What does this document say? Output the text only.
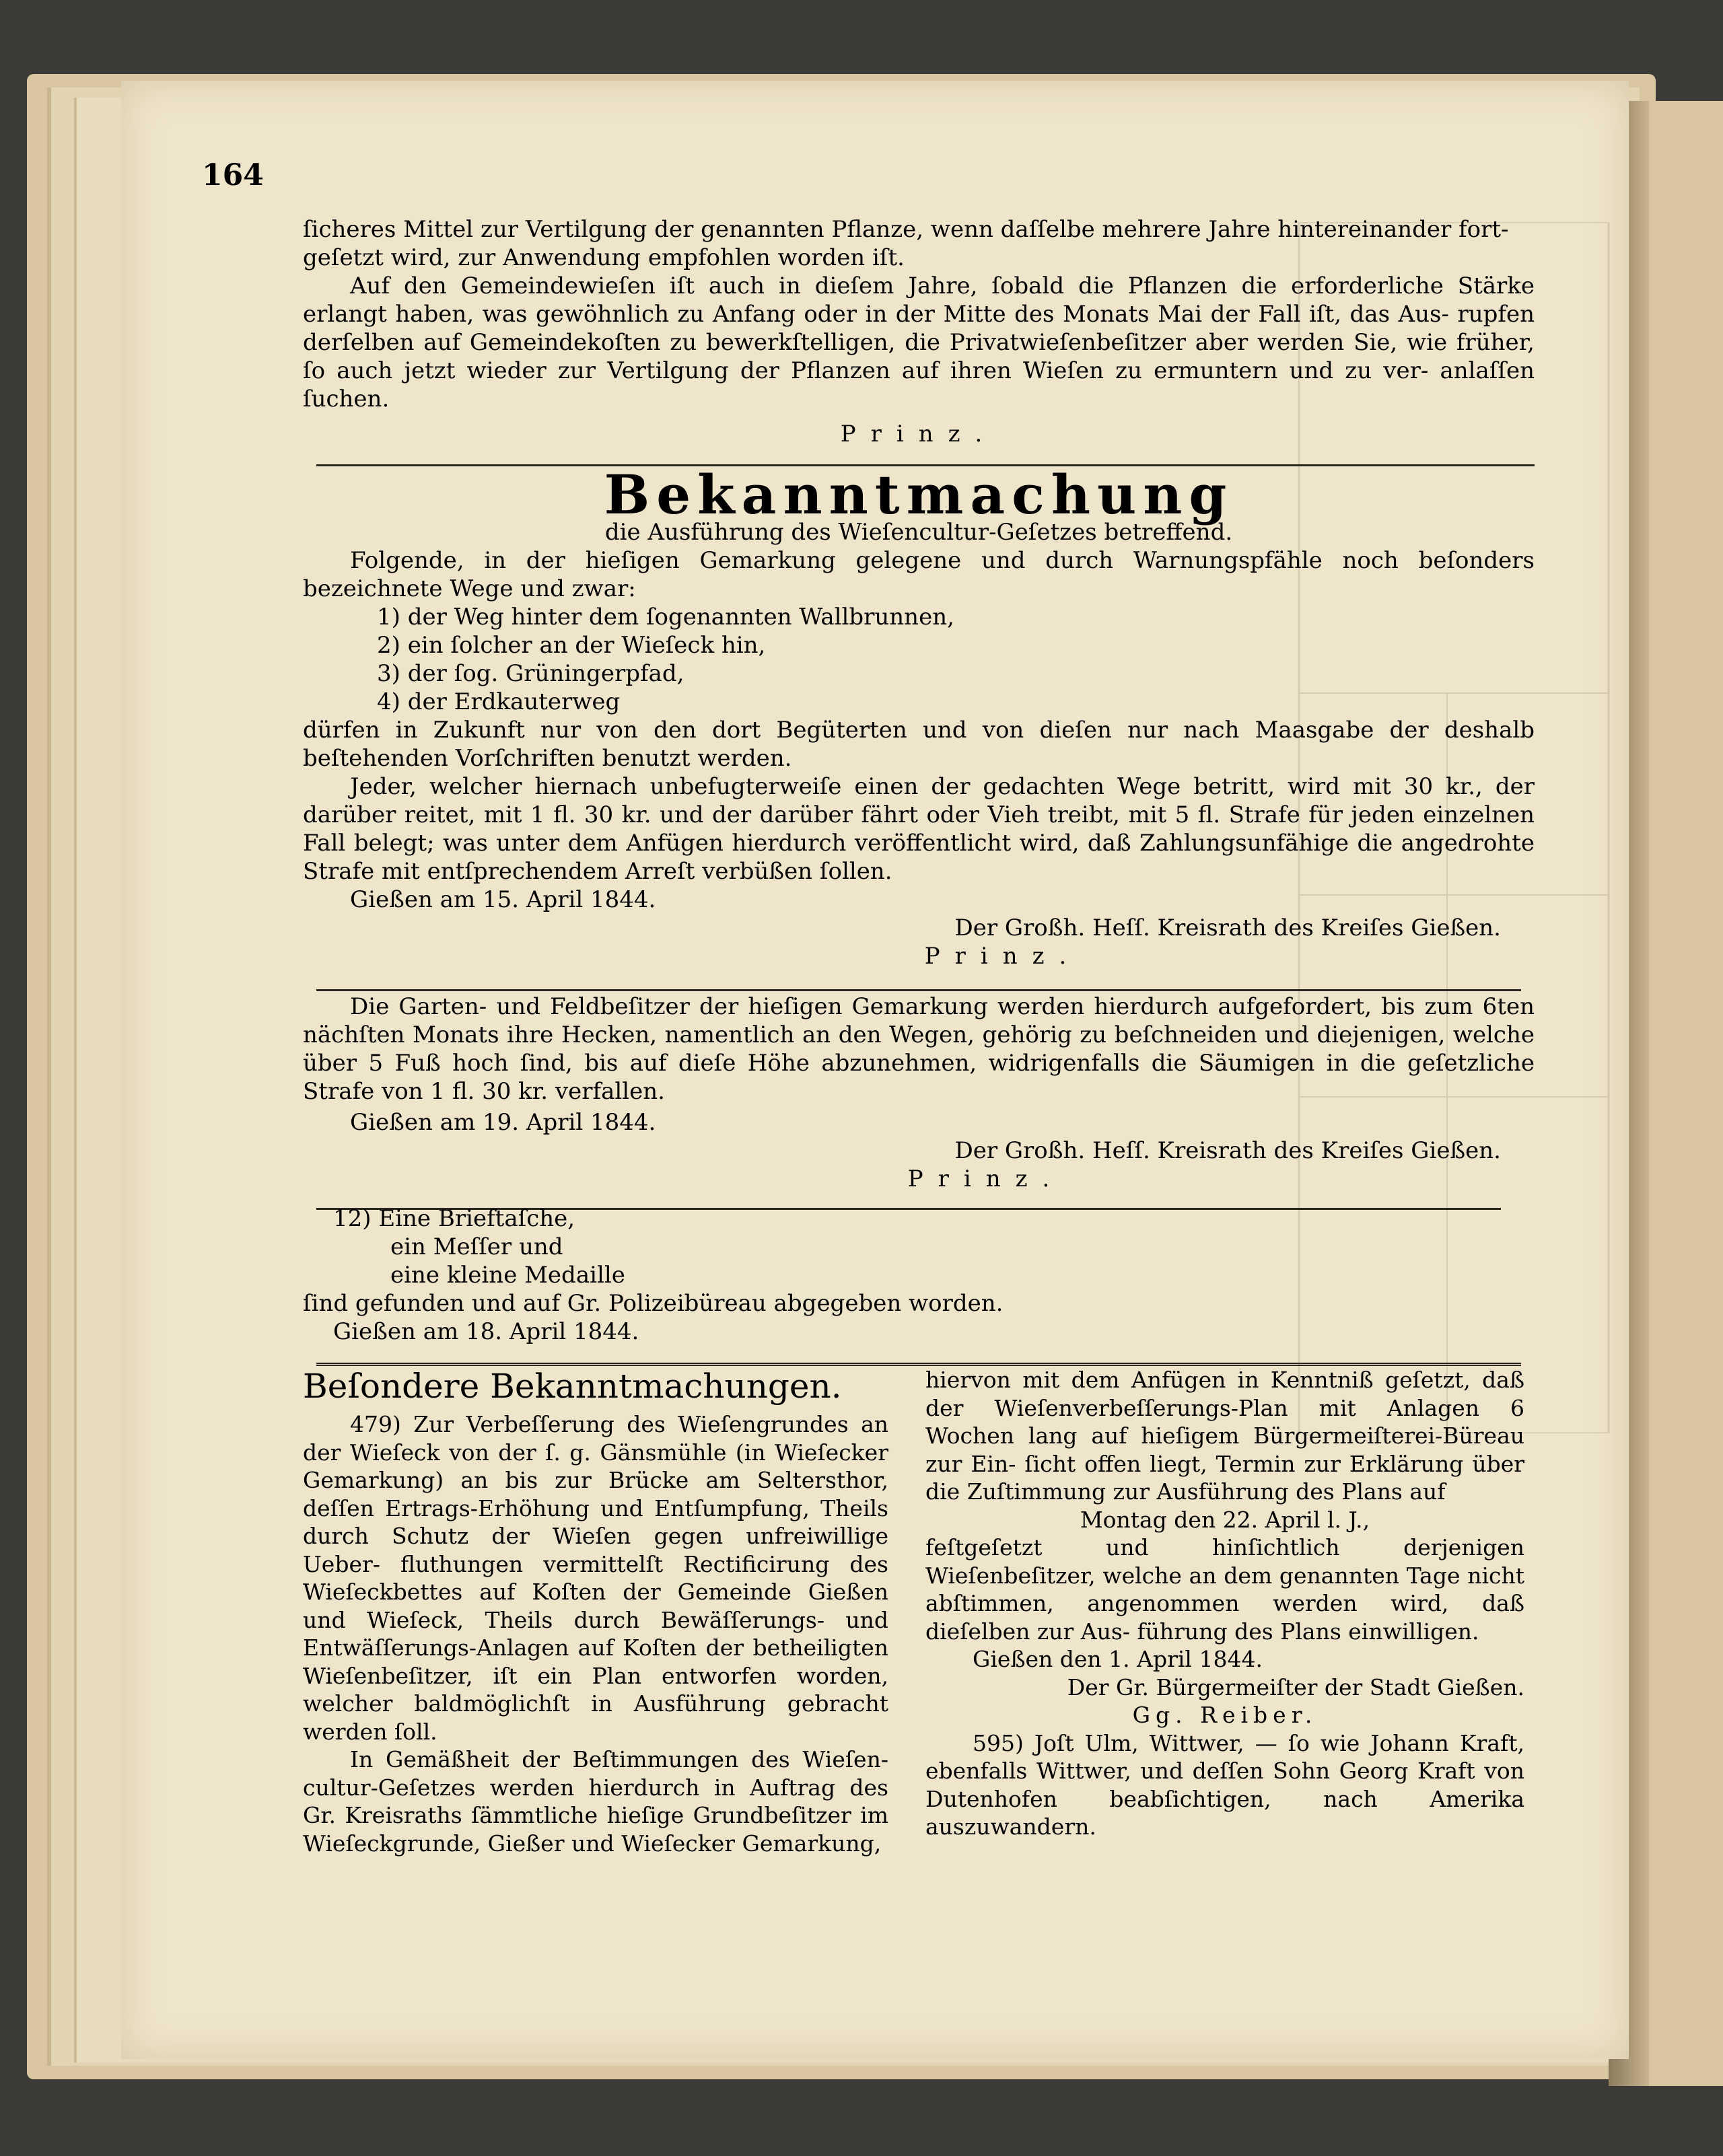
164

ſicheres Mittel zur Vertilgung der genannten Pflanze, wenn daſſelbe mehrere Jahre hintereinander fort-

geſetzt wird, zur Anwendung empfohlen worden iſt.

Auf den Gemeindewieſen iſt auch in dieſem Jahre, ſobald die Pflanzen die erforderliche Stärke erlangt haben, was gewöhnlich zu Anfang oder in der Mitte des Monats Mai der Fall iſt, das Aus- rupfen derſelben auf Gemeindekoſten zu bewerkſtelligen, die Privatwieſenbeſitzer aber werden Sie, wie früher, ſo auch jetzt wieder zur Vertilgung der Pflanzen auf ihren Wieſen zu ermuntern und zu ver- anlaſſen ſuchen.

Prinz.

Bekanntmachung

die Ausführung des Wieſencultur-Geſetzes betreffend.

Folgende, in der hieſigen Gemarkung gelegene und durch Warnungspfähle noch beſonders bezeichnete Wege und zwar:

1) der Weg hinter dem ſogenannten Wallbrunnen,

2) ein ſolcher an der Wieſeck hin,

3) der ſog. Grüningerpfad,

4) der Erdkauterweg

dürfen in Zukunft nur von den dort Begüterten und von dieſen nur nach Maasgabe der deshalb beſtehenden Vorſchriften benutzt werden.

Jeder, welcher hiernach unbefugterweiſe einen der gedachten Wege betritt, wird mit 30 kr., der darüber reitet, mit 1 fl. 30 kr. und der darüber fährt oder Vieh treibt, mit 5 fl. Strafe für jeden einzelnen Fall belegt; was unter dem Anfügen hierdurch veröffentlicht wird, daß Zahlungsunfähige die angedrohte Strafe mit entſprechendem Arreſt verbüßen ſollen.

Gießen am 15. April 1844.

Der Großh. Heſſ. Kreisrath des Kreiſes Gießen.

Prinz.

Die Garten- und Feldbeſitzer der hieſigen Gemarkung werden hierdurch aufgefordert, bis zum 6ten nächſten Monats ihre Hecken, namentlich an den Wegen, gehörig zu beſchneiden und diejenigen, welche über 5 Fuß hoch ſind, bis auf dieſe Höhe abzunehmen, widrigenfalls die Säumigen in die geſetzliche Strafe von 1 fl. 30 kr. verfallen.

Gießen am 19. April 1844.

Der Großh. Heſſ. Kreisrath des Kreiſes Gießen.

Prinz.

12) Eine Brieftaſche,

ein Meſſer und

eine kleine Medaille

ſind gefunden und auf Gr. Polizeibüreau abgegeben worden.

Gießen am 18. April 1844.

Beſondere Bekanntmachungen.

479) Zur Verbeſſerung des Wieſengrundes an der Wieſeck von der ſ. g. Gänsmühle (in Wieſecker Gemarkung) an bis zur Brücke am Seltersthor, deſſen Ertrags-Erhöhung und Entſumpfung, Theils durch Schutz der Wieſen gegen unfreiwillige Ueber- fluthungen vermittelſt Rectificirung des Wieſeckbettes auf Koſten der Gemeinde Gießen und Wieſeck, Theils durch Bewäſſerungs- und Entwäſſerungs-Anlagen auf Koſten der betheiligten Wieſenbeſitzer, iſt ein Plan entworfen worden, welcher baldmöglichſt in Ausführung gebracht werden ſoll.

In Gemäßheit der Beſtimmungen des Wieſen- cultur-Geſetzes werden hierdurch in Auftrag des Gr. Kreisraths ſämmtliche hieſige Grundbeſitzer im Wieſeckgrunde, Gießer und Wieſecker Gemarkung,

hiervon mit dem Anfügen in Kenntniß geſetzt, daß der Wieſenverbeſſerungs-Plan mit Anlagen 6 Wochen lang auf hieſigem Bürgermeiſterei-Büreau zur Ein- ſicht offen liegt, Termin zur Erklärung über die Zuſtimmung zur Ausführung des Plans auf

Montag den 22. April l. J.,

feſtgeſetzt und hinſichtlich derjenigen Wieſenbeſitzer, welche an dem genannten Tage nicht abſtimmen, angenommen werden wird, daß dieſelben zur Aus- führung des Plans einwilligen.

Gießen den 1. April 1844.

Der Gr. Bürgermeiſter der Stadt Gießen.

Gg. Reiber.

595) Joſt Ulm, Wittwer, — ſo wie Johann Kraft, ebenfalls Wittwer, und deſſen Sohn Georg Kraft von Dutenhofen beabſichtigen, nach Amerika auszuwandern.
